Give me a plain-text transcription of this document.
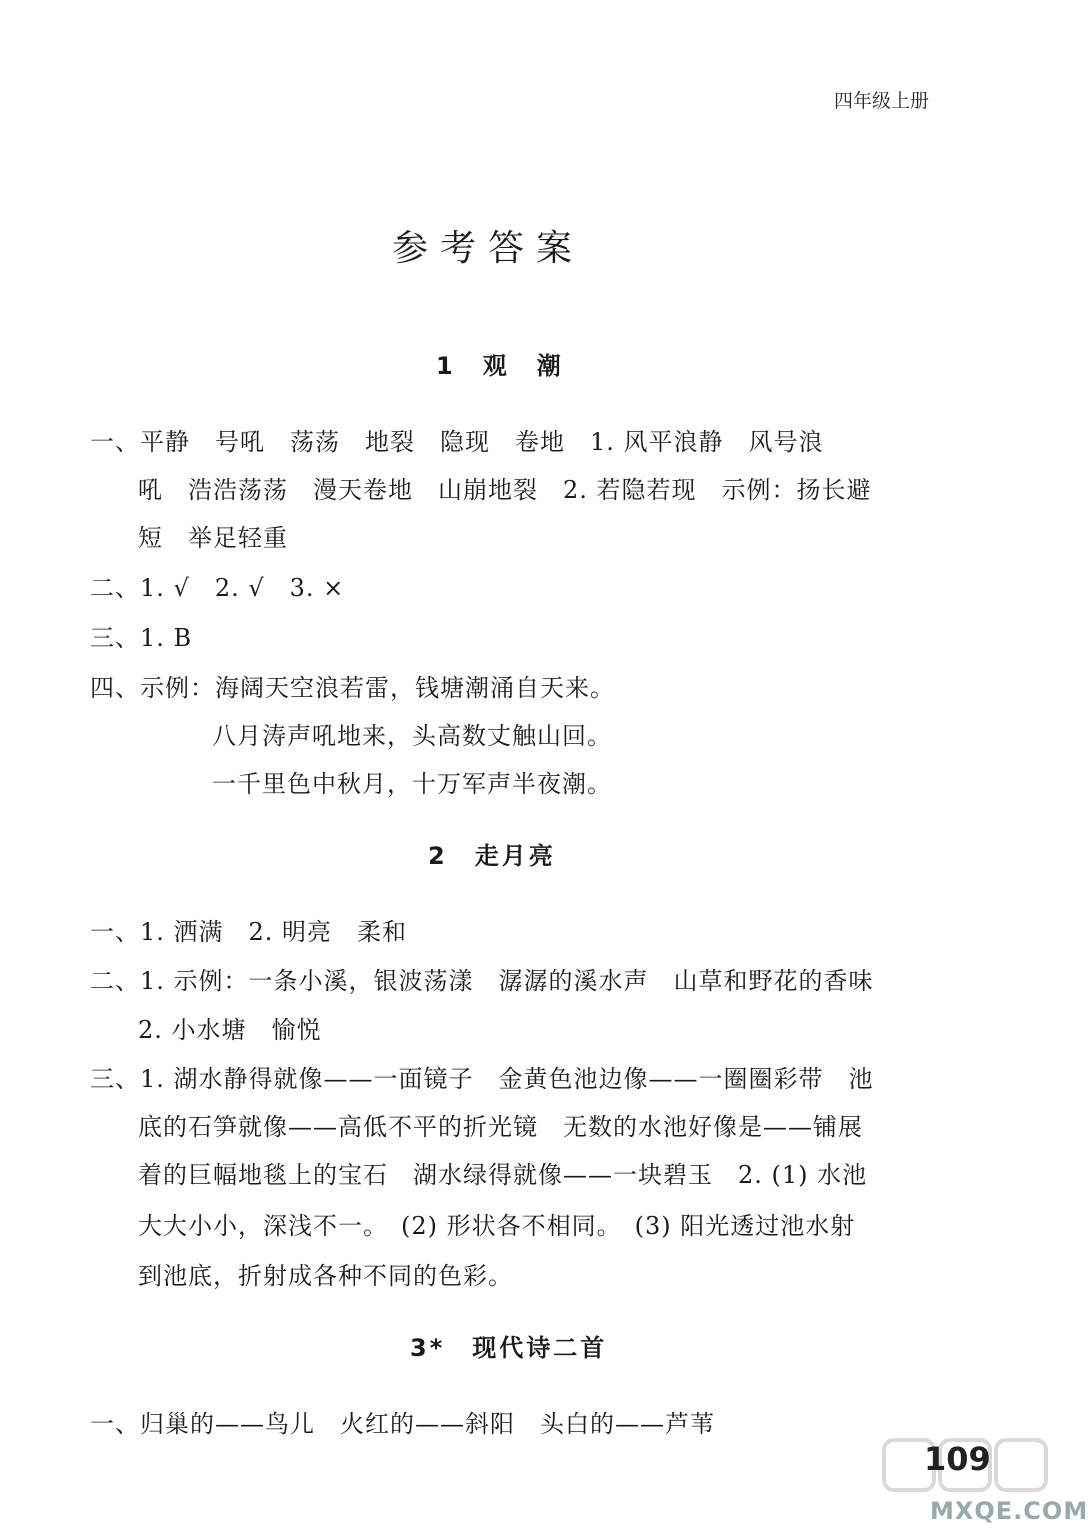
四年级上册
参考答案
1　观　潮
一、平静　号吼　荡荡　地裂　隐现　卷地　1. 风平浪静　风号浪
吼　浩浩荡荡　漫天卷地　山崩地裂　2. 若隐若现　示例：扬长避
短　举足轻重
二、1. √　2. √　3. ×
三、1. B
四、示例：海阔天空浪若雷，钱塘潮涌自天来。
八月涛声吼地来，头高数丈触山回。
一千里色中秋月，十万军声半夜潮。
2　走月亮
一、1. 洒满　2. 明亮　柔和
二、1. 示例：一条小溪，银波荡漾　潺潺的溪水声　山草和野花的香味
2. 小水塘　愉悦
三、1. 湖水静得就像——一面镜子　金黄色池边像——一圈圈彩带　池
底的石笋就像——高低不平的折光镜　无数的水池好像是——铺展
着的巨幅地毯上的宝石　湖水绿得就像——一块碧玉　2. (1) 水池
大大小小，深浅不一。　(2) 形状各不相同。　(3) 阳光透过池水射
到池底，折射成各种不同的色彩。
3*　现代诗二首
一、归巢的——鸟儿　火红的——斜阳　头白的——芦苇
109
MXQE.COM
